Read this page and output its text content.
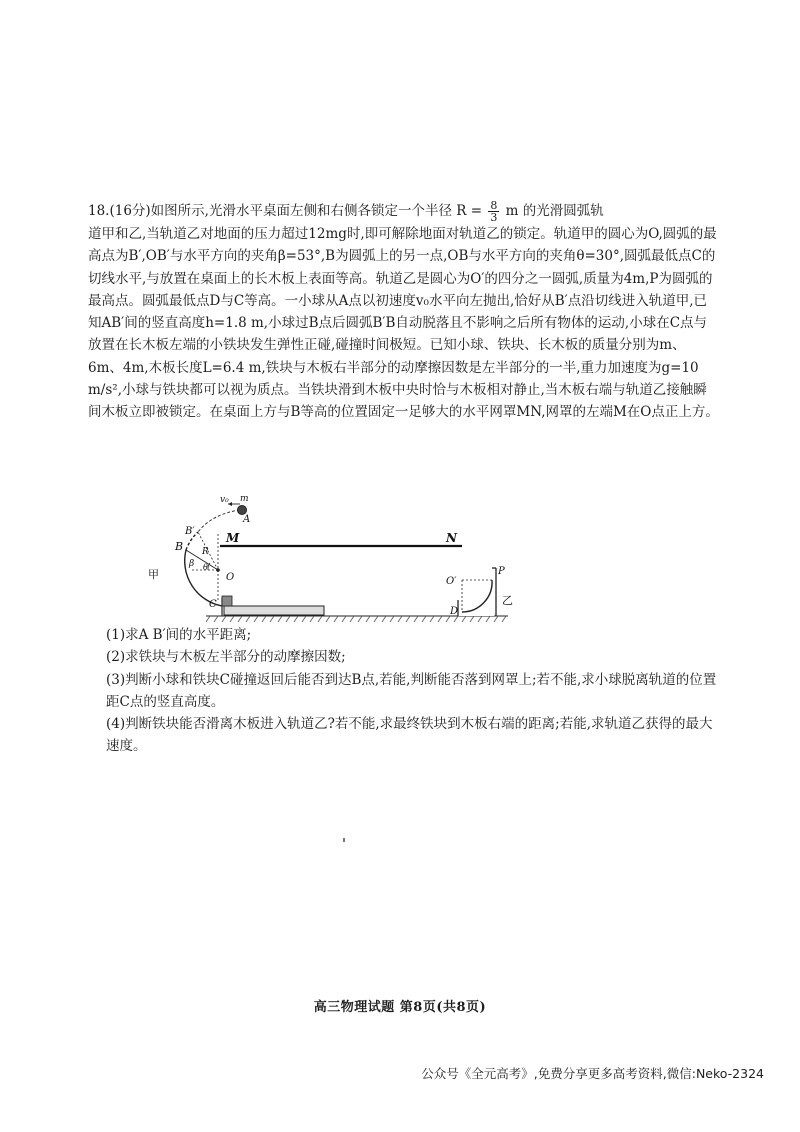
18.(16分)如图所示,光滑水平桌面左侧和右侧各锁定一个半径 $R = \frac{8}{3}$ m 的光滑圆弧轨
道甲和乙,当轨道乙对地面的压力超过12mg时,即可解除地面对轨道乙的锁定。轨道甲的圆心为O,圆弧的最高点为B′,OB′与水平方向的夹角β=53°,B为圆弧上的另一点,OB与水平方向的夹角θ=30°,圆弧最低点C的切线水平,与放置在桌面上的长木板上表面等高。轨道乙是圆心为O′的四分之一圆弧,质量为4m,P为圆弧的最高点。圆弧最低点D与C等高。一小球从A点以初速度v₀水平向左抛出,恰好从B′点沿切线进入轨道甲,已知AB′间的竖直高度h=1.8 m,小球过B点后圆弧B′B自动脱落且不影响之后所有物体的运动,小球在C点与放置在长木板左端的小铁块发生弹性正碰,碰撞时间极短。已知小球、铁块、长木板的质量分别为m、6m、4m,木板长度L=6.4 m,铁块与木板右半部分的动摩擦因数是左半部分的一半,重力加速度为g=10 m/s²,小球与铁块都可以视为质点。当铁块滑到木板中央时恰与木板相对静止,当木板右端与轨道乙接触瞬间木板立即被锁定。在桌面上方与B等高的位置固定一足够大的水平网罩MN,网罩的左端M在O点正上方。

v₀ m
A
B′
B R
β θ
O
C
M	N
O′
P
D
甲
乙

(1)求A B′间的水平距离;

(2)求铁块与木板左半部分的动摩擦因数;

(3)判断小球和铁块C碰撞返回后能否到达B点,若能,判断能否落到网罩上;若不能,求小球脱离轨道的位置距C点的竖直高度。

(4)判断铁块能否滑离木板进入轨道乙?若不能,求最终铁块到木板右端的距离;若能,求轨道乙获得的最大速度。

高三物理试题 第8页(共8页)
公众号《全元高考》,免费分享更多高考资料,微信:Neko-2324
